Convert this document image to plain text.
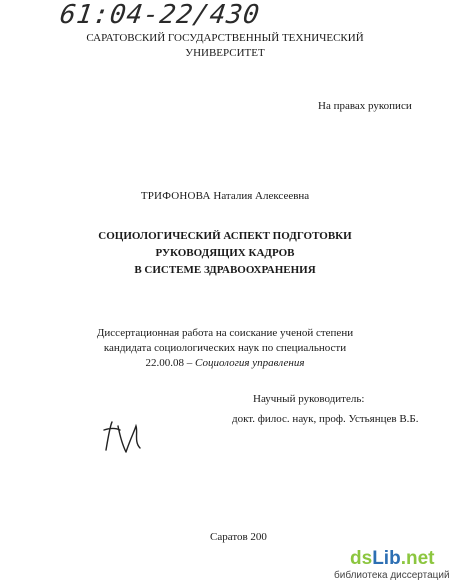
61:04-22/430
САРАТОВСКИЙ ГОСУДАРСТВЕННЫЙ ТЕХНИЧЕСКИЙ
УНИВЕРСИТЕТ
На правах рукописи
ТРИФОНОВА Наталия Алексеевна
СОЦИОЛОГИЧЕСКИЙ АСПЕКТ ПОДГОТОВКИ
РУКОВОДЯЩИХ КАДРОВ
В СИСТЕМЕ ЗДРАВООХРАНЕНИЯ
Диссертационная работа на соискание ученой степени
кандидата социологических наук по специальности
22.00.08 – Социология управления
Научный руководитель:
докт. филос. наук, проф. Устьянцев В.Б.
Саратов 200
dsLib.net
библиотека диссертаций
